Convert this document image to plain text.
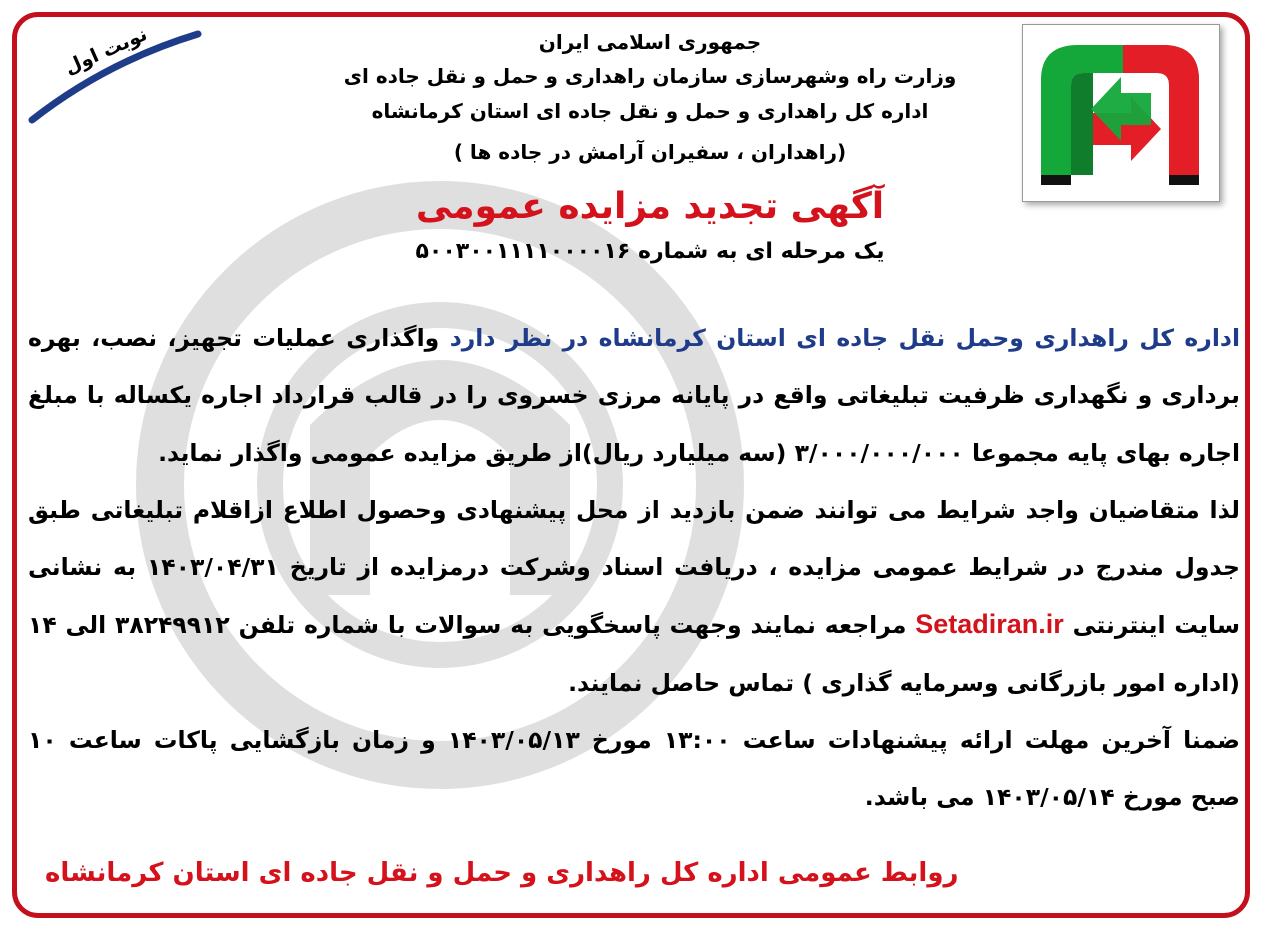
نوبت اول	جمهوری اسلامی ایران
وزارت راه وشهرسازی سازمان راهداری و حمل و نقل جاده ای
اداره کل راهداری و حمل و نقل جاده ای استان کرمانشاه
(راهداران ، سفیران آرامش در جاده ها )
آگهی تجدید مزایده عمومی
یک مرحله ای به شماره ۵۰۰۳۰۰۱۱۱۱۰۰۰۰۱۶

اداره کل راهداری وحمل نقل جاده ای استان کرمانشاه در نظر دارد واگذاری عملیات تجهیز، نصب، بهره برداری و نگهداری ظرفیت تبلیغاتی واقع در پایانه مرزی خسروی را در قالب قرارداد اجاره یکساله با مبلغ اجاره بهای پایه مجموعا ۳/۰۰۰/۰۰۰/۰۰۰ (سه میلیارد ریال)از طریق مزایده عمومی واگذار نماید.

لذا متقاضیان واجد شرایط می توانند ضمن بازدید از محل پیشنهادی وحصول اطلاع ازاقلام تبلیغاتی طبق جدول مندرج در شرایط عمومی مزایده ، دریافت اسناد وشرکت درمزایده از تاریخ ۱۴۰۳/۰۴/۳۱ به نشانی سایت اینترنتی Setadiran.ir مراجعه نمایند وجهت پاسخگویی به سوالات با شماره تلفن ۳۸۲۴۹۹۱۲ الی ۱۴ (اداره امور بازرگانی وسرمایه گذاری ) تماس حاصل نمایند.

ضمنا آخرین مهلت ارائه پیشنهادات ساعت ۱۳:۰۰ مورخ ۱۴۰۳/۰۵/۱۳ و زمان بازگشایی پاکات ساعت ۱۰ صبح مورخ ۱۴۰۳/۰۵/۱۴ می باشد.

روابط عمومی اداره کل راهداری و حمل و نقل جاده ای استان کرمانشاه
